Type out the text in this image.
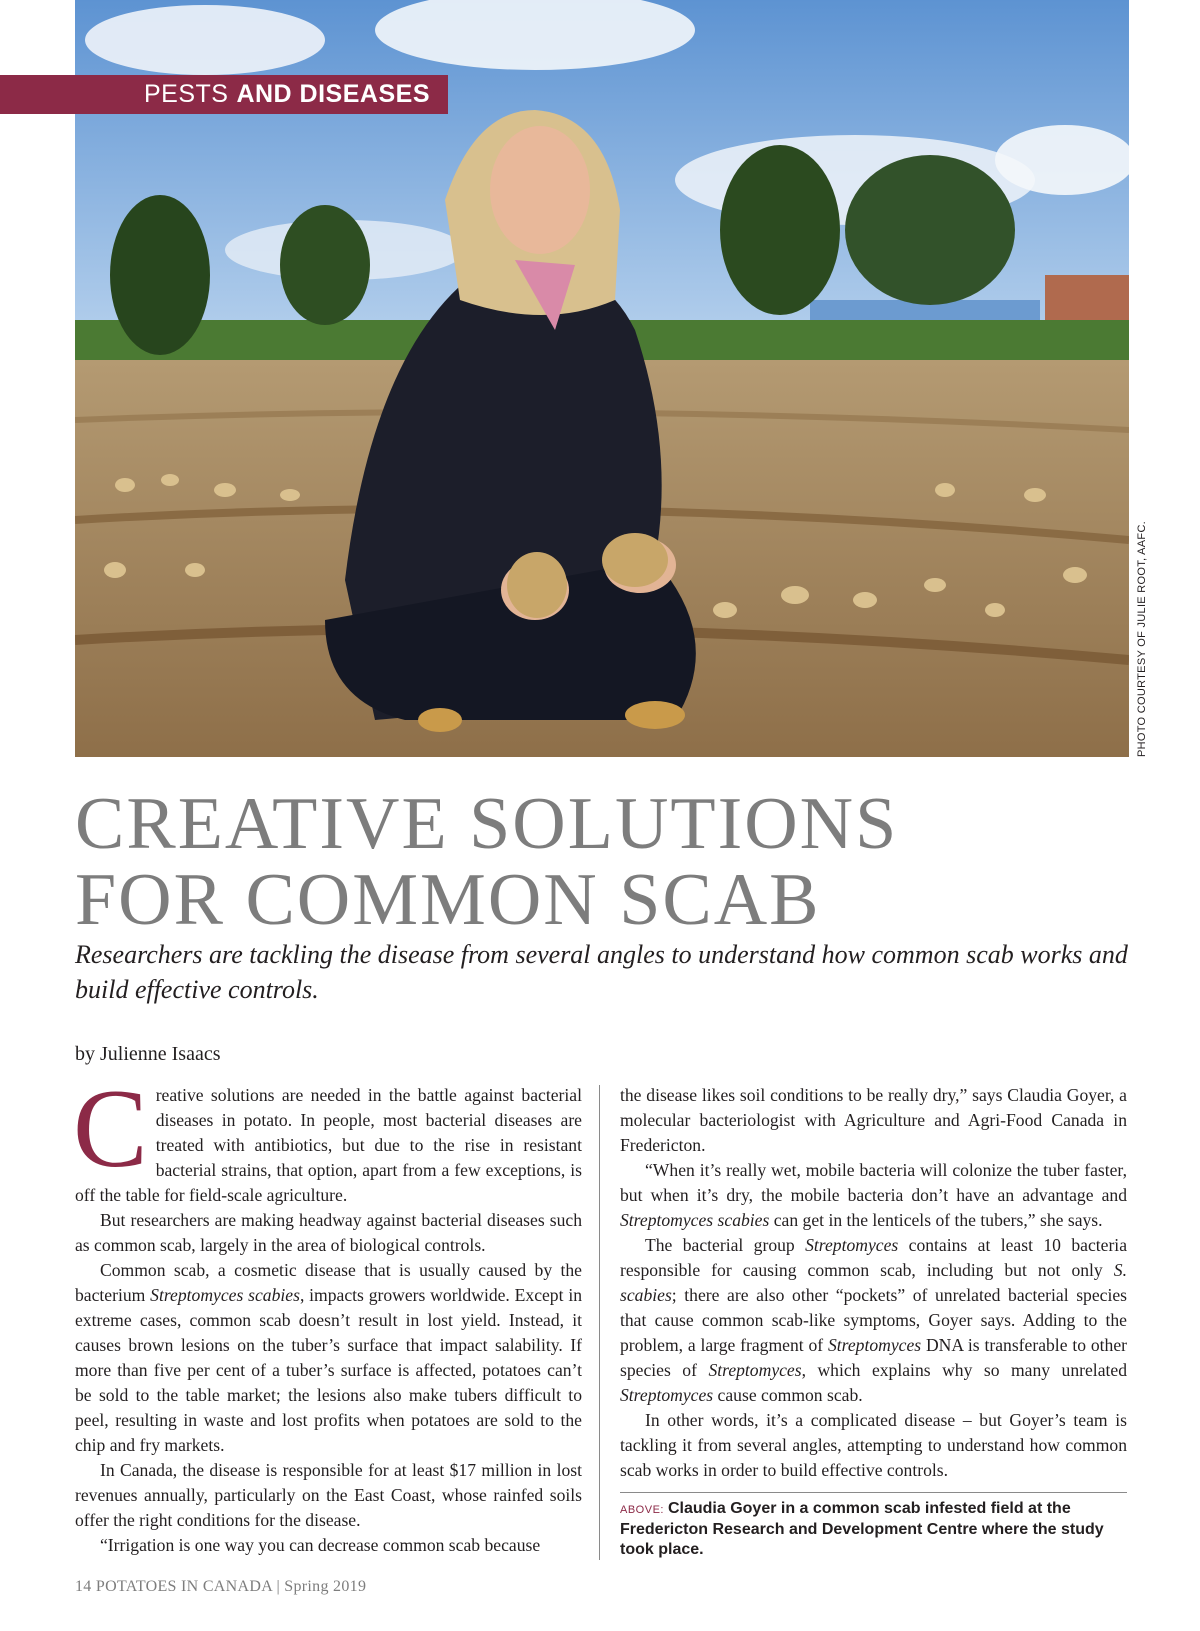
PESTS AND DISEASES
PHOTO COURTESY OF JULIE ROOT, AAFC.
CREATIVE SOLUTIONS
FOR COMMON SCAB

Researchers are tackling the disease from several angles to understand how common scab works and build effective controls.

by Julienne Isaacs

Creative solutions are needed in the battle against bacterial diseases in potato. In people, most bacterial diseases are treated with antibiotics, but due to the rise in resistant bacterial strains, that option, apart from a few exceptions, is off the table for field-scale agriculture.

But researchers are making headway against bacterial diseases such as common scab, largely in the area of biological controls.

Common scab, a cosmetic disease that is usually caused by the bacterium Streptomyces scabies, impacts growers worldwide. Except in extreme cases, common scab doesn’t result in lost yield. Instead, it causes brown lesions on the tuber’s surface that impact salability. If more than five per cent of a tuber’s surface is affected, potatoes can’t be sold to the table market; the lesions also make tubers difficult to peel, resulting in waste and lost profits when potatoes are sold to the chip and fry markets.

In Canada, the disease is responsible for at least $17 million in lost revenues annually, particularly on the East Coast, whose rainfed soils offer the right conditions for the disease.

“Irrigation is one way you can decrease common scab because

the disease likes soil conditions to be really dry,” says Claudia Goyer, a molecular bacteriologist with Agriculture and Agri-Food Canada in Fredericton.

“When it’s really wet, mobile bacteria will colonize the tuber faster, but when it’s dry, the mobile bacteria don’t have an advantage and Streptomyces scabies can get in the lenticels of the tubers,” she says.

The bacterial group Streptomyces contains at least 10 bacteria responsible for causing common scab, including but not only S. scabies; there are also other “pockets” of unrelated bacterial species that cause common scab-like symptoms, Goyer says. Adding to the problem, a large fragment of Streptomyces DNA is transferable to other species of Streptomyces, which explains why so many unrelated Streptomyces cause common scab.

In other words, it’s a complicated disease – but Goyer’s team is tackling it from several angles, attempting to understand how common scab works in order to build effective controls.

ABOVE: Claudia Goyer in a common scab infested field at the Fredericton Research and Development Centre where the study took place.
14 POTATOES IN CANADA | Spring 2019
